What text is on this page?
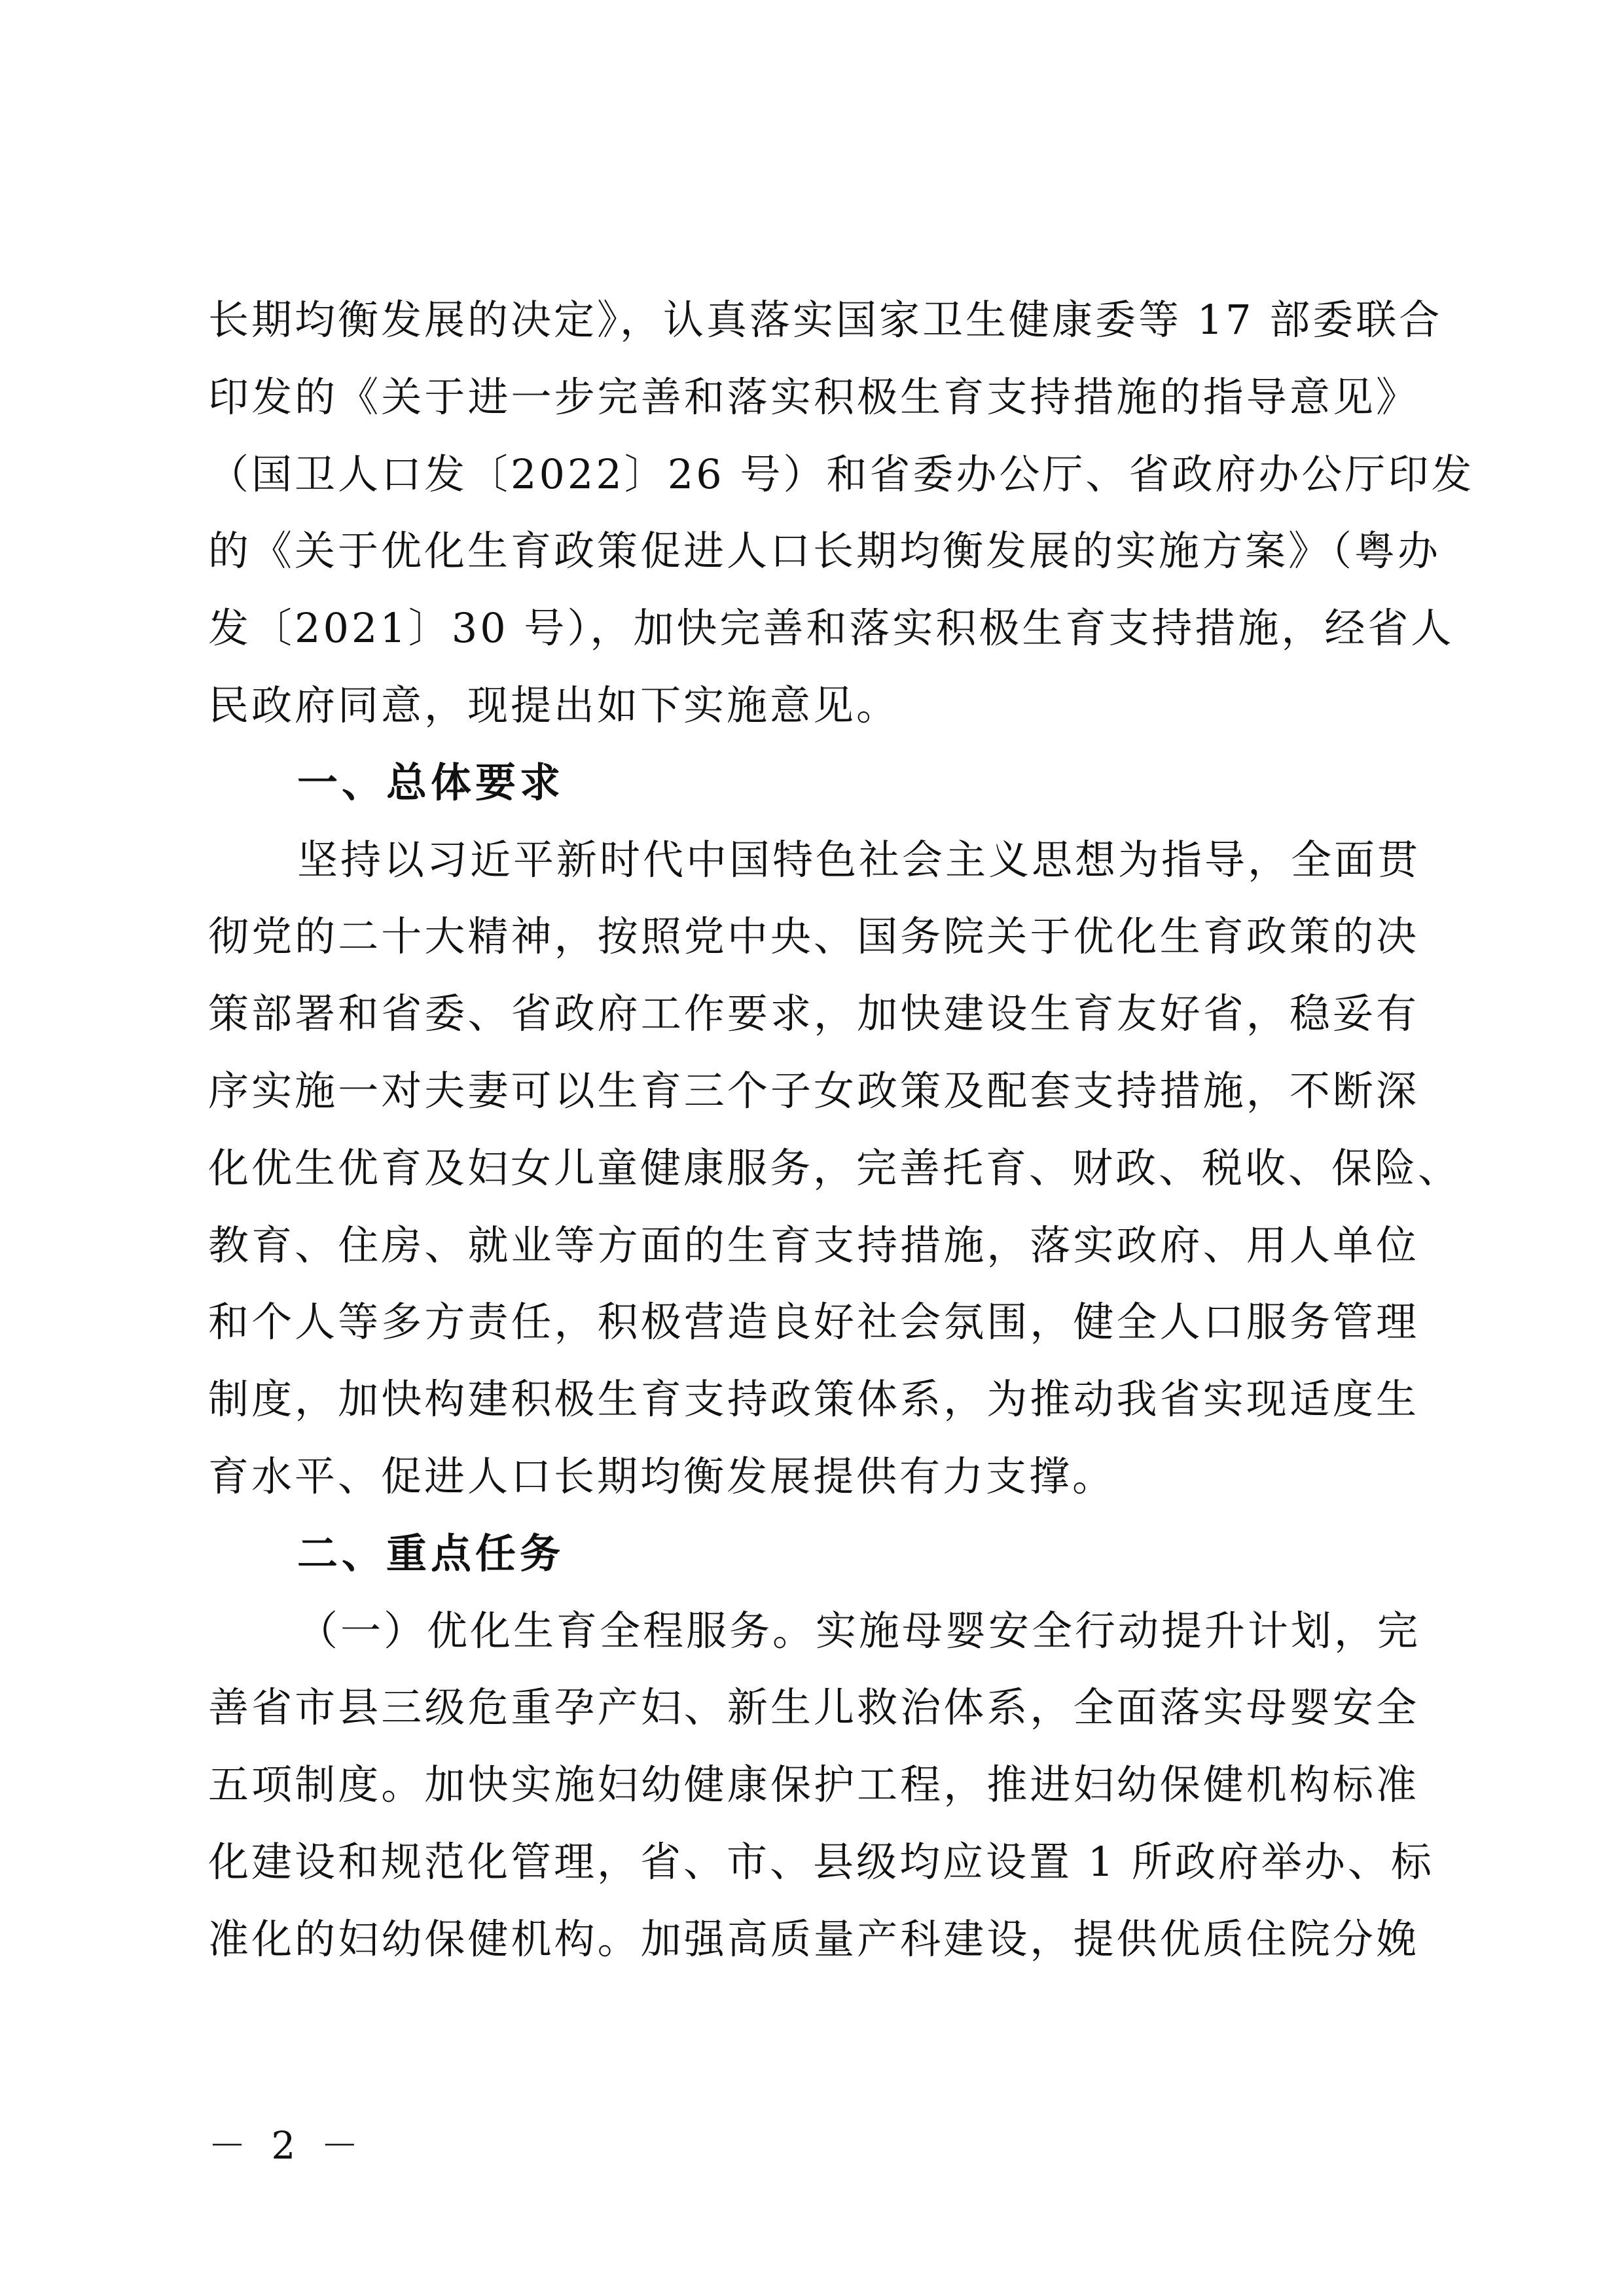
长期均衡发展的决定》，认真落实国家卫生健康委等 17 部委联合
印发的《关于进一步完善和落实积极生育支持措施的指导意见》
（国卫人口发〔2022〕26 号）和省委办公厅、省政府办公厅印发
的《关于优化生育政策促进人口长期均衡发展的实施方案》（粤办
发〔2021〕30 号），加快完善和落实积极生育支持措施，经省人
民政府同意，现提出如下实施意见。
一、总体要求
坚持以习近平新时代中国特色社会主义思想为指导，全面贯
彻党的二十大精神，按照党中央、国务院关于优化生育政策的决
策部署和省委、省政府工作要求，加快建设生育友好省，稳妥有
序实施一对夫妻可以生育三个子女政策及配套支持措施，不断深
化优生优育及妇女儿童健康服务，完善托育、财政、税收、保险、
教育、住房、就业等方面的生育支持措施，落实政府、用人单位
和个人等多方责任，积极营造良好社会氛围，健全人口服务管理
制度，加快构建积极生育支持政策体系，为推动我省实现适度生
育水平、促进人口长期均衡发展提供有力支撑。
二、重点任务
（一）优化生育全程服务。实施母婴安全行动提升计划，完
善省市县三级危重孕产妇、新生儿救治体系，全面落实母婴安全
五项制度。加快实施妇幼健康保护工程，推进妇幼保健机构标准
化建设和规范化管理，省、市、县级均应设置 1 所政府举办、标
准化的妇幼保健机构。加强高质量产科建设，提供优质住院分娩
－ 2 －
